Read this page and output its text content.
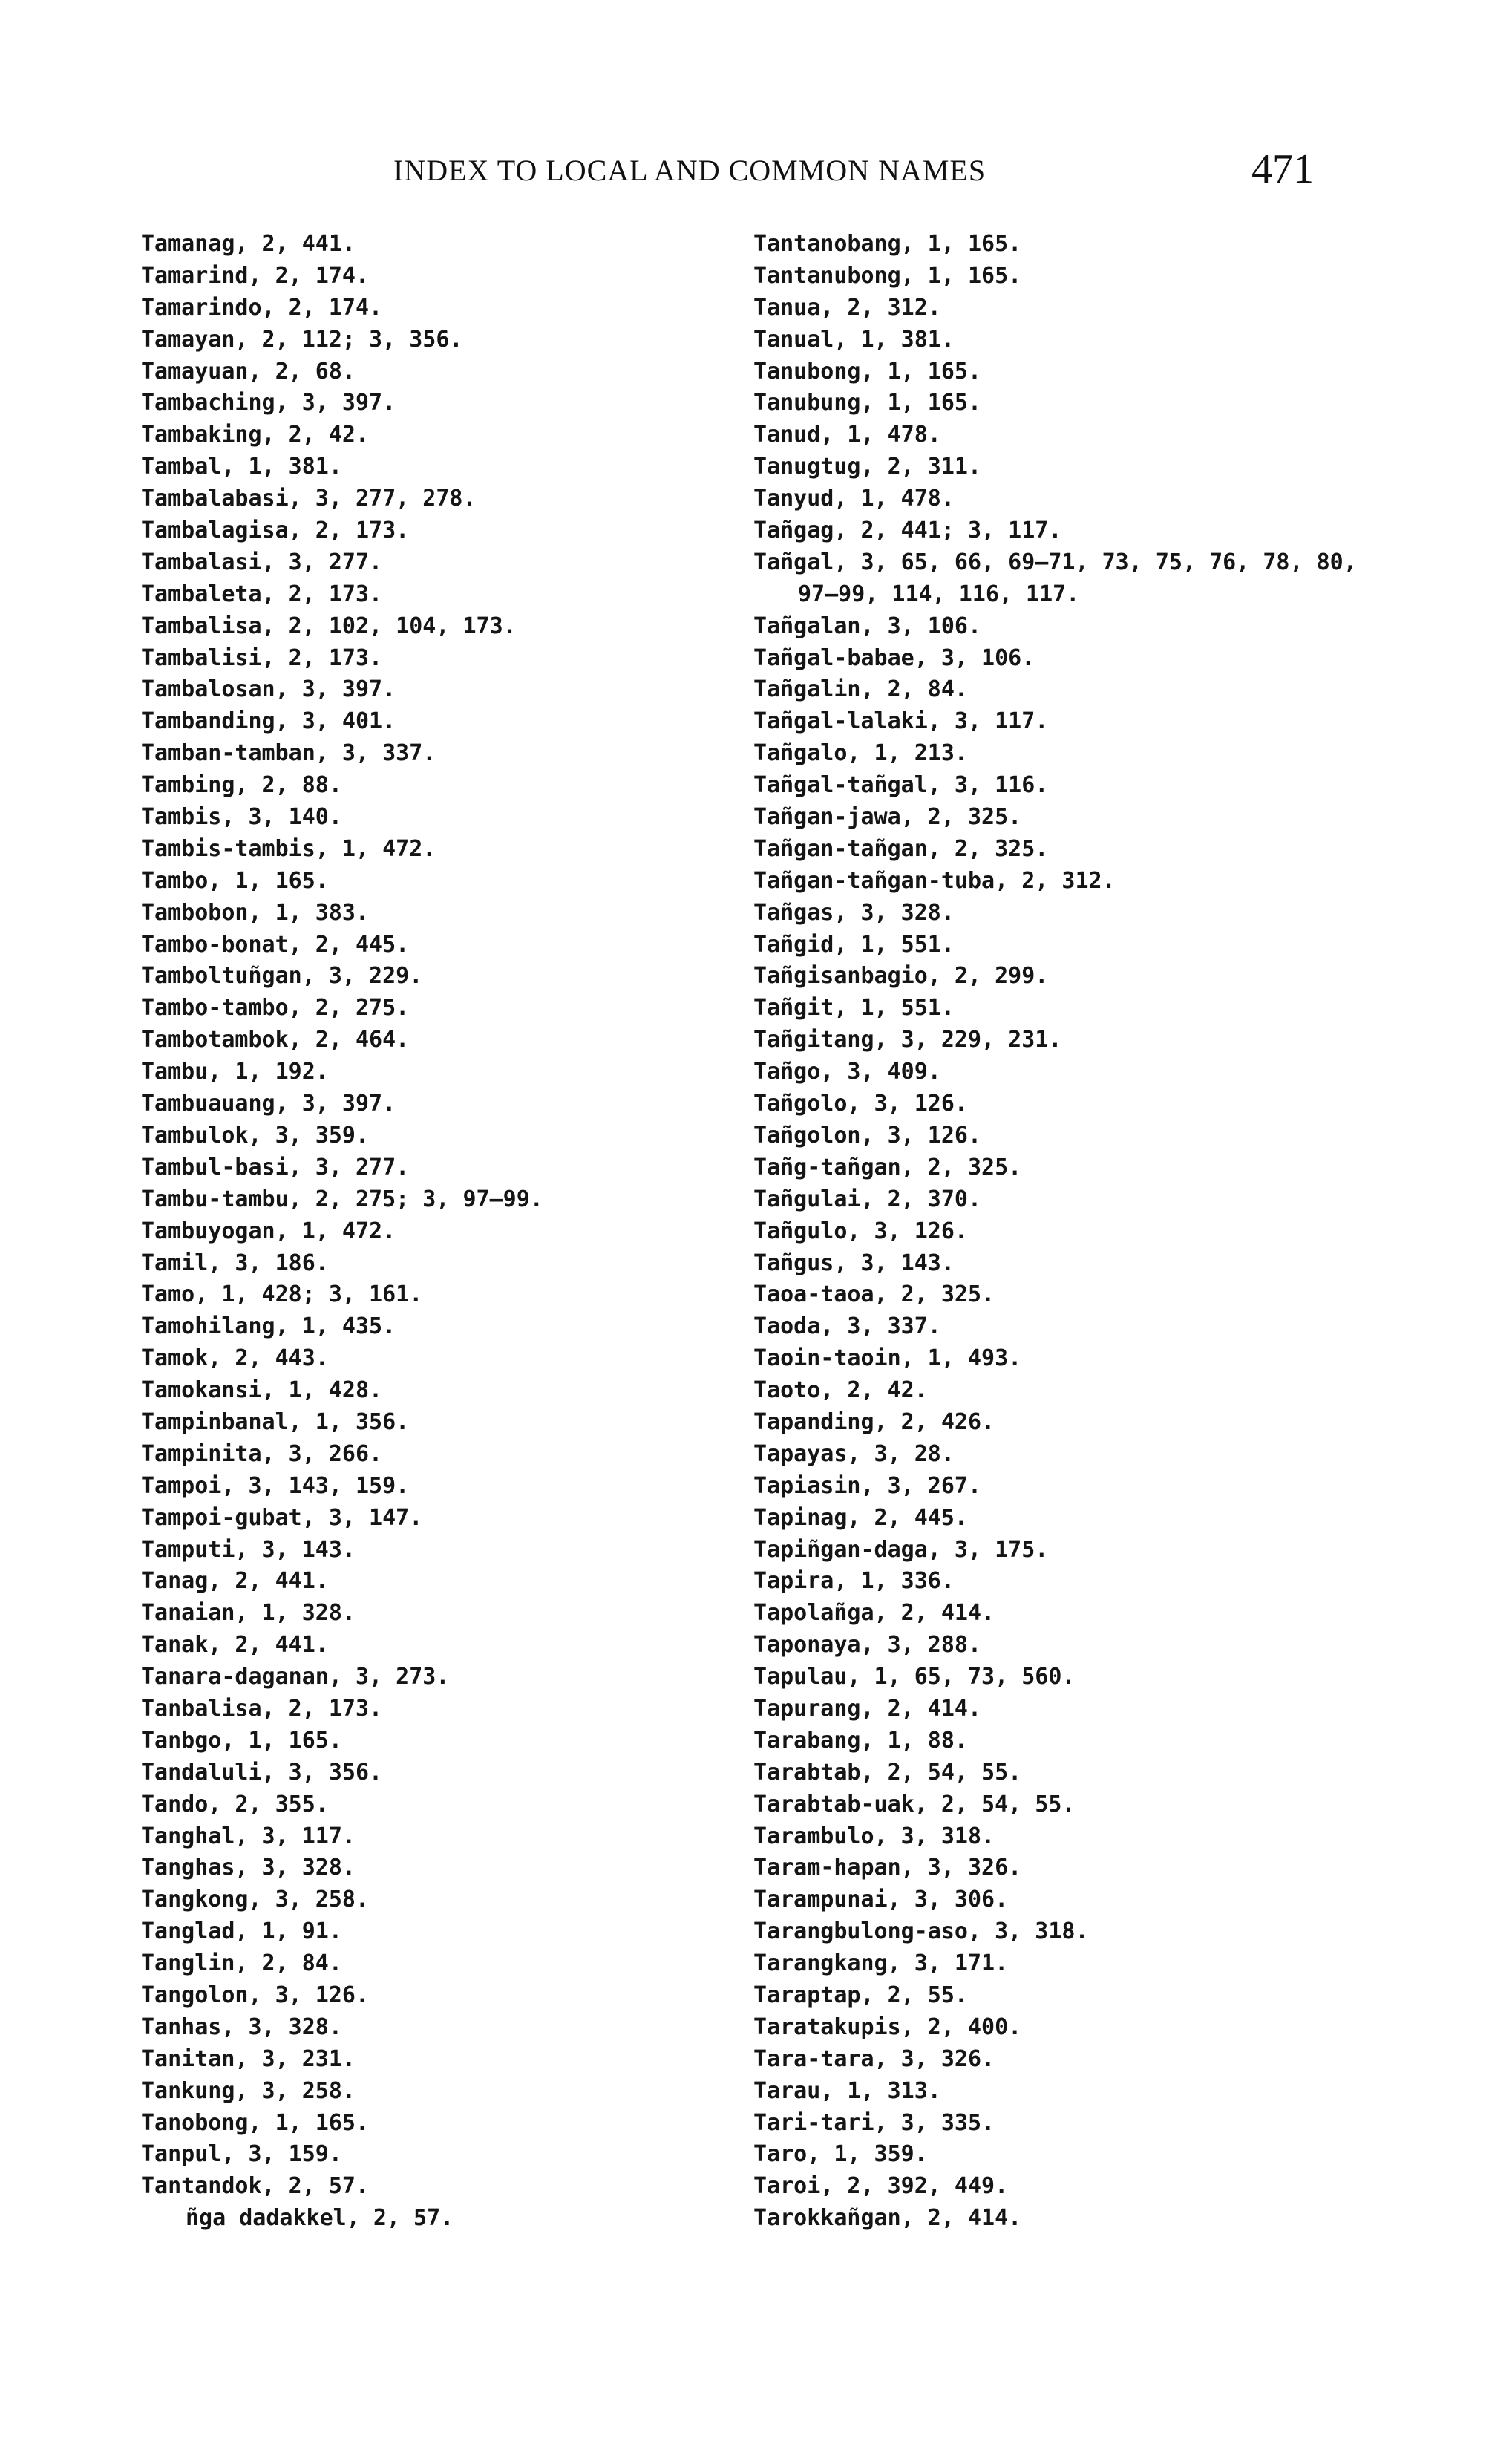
INDEX TO LOCAL AND COMMON NAMES	471
Tamanag, 2, 441.
Tamarind, 2, 174.
Tamarindo, 2, 174.
Tamayan, 2, 112; 3, 356.
Tamayuan, 2, 68.
Tambaching, 3, 397.
Tambaking, 2, 42.
Tambal, 1, 381.
Tambalabasi, 3, 277, 278.
Tambalagisa, 2, 173.
Tambalasi, 3, 277.
Tambaleta, 2, 173.
Tambalisa, 2, 102, 104, 173.
Tambalisi, 2, 173.
Tambalosan, 3, 397.
Tambanding, 3, 401.
Tamban-tamban, 3, 337.
Tambing, 2, 88.
Tambis, 3, 140.
Tambis-tambis, 1, 472.
Tambo, 1, 165.
Tambobon, 1, 383.
Tambo-bonat, 2, 445.
Tamboltuñgan, 3, 229.
Tambo-tambo, 2, 275.
Tambotambok, 2, 464.
Tambu, 1, 192.
Tambuauang, 3, 397.
Tambulok, 3, 359.
Tambul-basi, 3, 277.
Tambu-tambu, 2, 275; 3, 97–99.
Tambuyogan, 1, 472.
Tamil, 3, 186.
Tamo, 1, 428; 3, 161.
Tamohilang, 1, 435.
Tamok, 2, 443.
Tamokansi, 1, 428.
Tampinbanal, 1, 356.
Tampinita, 3, 266.
Tampoi, 3, 143, 159.
Tampoi-gubat, 3, 147.
Tamputi, 3, 143.
Tanag, 2, 441.
Tanaian, 1, 328.
Tanak, 2, 441.
Tanara-daganan, 3, 273.
Tanbalisa, 2, 173.
Tanbgo, 1, 165.
Tandaluli, 3, 356.
Tando, 2, 355.
Tanghal, 3, 117.
Tanghas, 3, 328.
Tangkong, 3, 258.
Tanglad, 1, 91.
Tanglin, 2, 84.
Tangolon, 3, 126.
Tanhas, 3, 328.
Tanitan, 3, 231.
Tankung, 3, 258.
Tanobong, 1, 165.
Tanpul, 3, 159.
Tantandok, 2, 57.
ñga dadakkel, 2, 57.
Tantanobang, 1, 165.
Tantanubong, 1, 165.
Tanua, 2, 312.
Tanual, 1, 381.
Tanubong, 1, 165.
Tanubung, 1, 165.
Tanud, 1, 478.
Tanugtug, 2, 311.
Tanyud, 1, 478.
Tañgag, 2, 441; 3, 117.
Tañgal, 3, 65, 66, 69–71, 73, 75, 76, 78, 80,
97–99, 114, 116, 117.
Tañgalan, 3, 106.
Tañgal-babae, 3, 106.
Tañgalin, 2, 84.
Tañgal-lalaki, 3, 117.
Tañgalo, 1, 213.
Tañgal-tañgal, 3, 116.
Tañgan-jawa, 2, 325.
Tañgan-tañgan, 2, 325.
Tañgan-tañgan-tuba, 2, 312.
Tañgas, 3, 328.
Tañgid, 1, 551.
Tañgisanbagio, 2, 299.
Tañgit, 1, 551.
Tañgitang, 3, 229, 231.
Tañgo, 3, 409.
Tañgolo, 3, 126.
Tañgolon, 3, 126.
Tañg-tañgan, 2, 325.
Tañgulai, 2, 370.
Tañgulo, 3, 126.
Tañgus, 3, 143.
Taoa-taoa, 2, 325.
Taoda, 3, 337.
Taoin-taoin, 1, 493.
Taoto, 2, 42.
Tapanding, 2, 426.
Tapayas, 3, 28.
Tapiasin, 3, 267.
Tapinag, 2, 445.
Tapiñgan-daga, 3, 175.
Tapira, 1, 336.
Tapolañga, 2, 414.
Taponaya, 3, 288.
Tapulau, 1, 65, 73, 560.
Tapurang, 2, 414.
Tarabang, 1, 88.
Tarabtab, 2, 54, 55.
Tarabtab-uak, 2, 54, 55.
Tarambulo, 3, 318.
Taram-hapan, 3, 326.
Tarampunai, 3, 306.
Tarangbulong-aso, 3, 318.
Tarangkang, 3, 171.
Taraptap, 2, 55.
Taratakupis, 2, 400.
Tara-tara, 3, 326.
Tarau, 1, 313.
Tari-tari, 3, 335.
Taro, 1, 359.
Taroi, 2, 392, 449.
Tarokkañgan, 2, 414.
